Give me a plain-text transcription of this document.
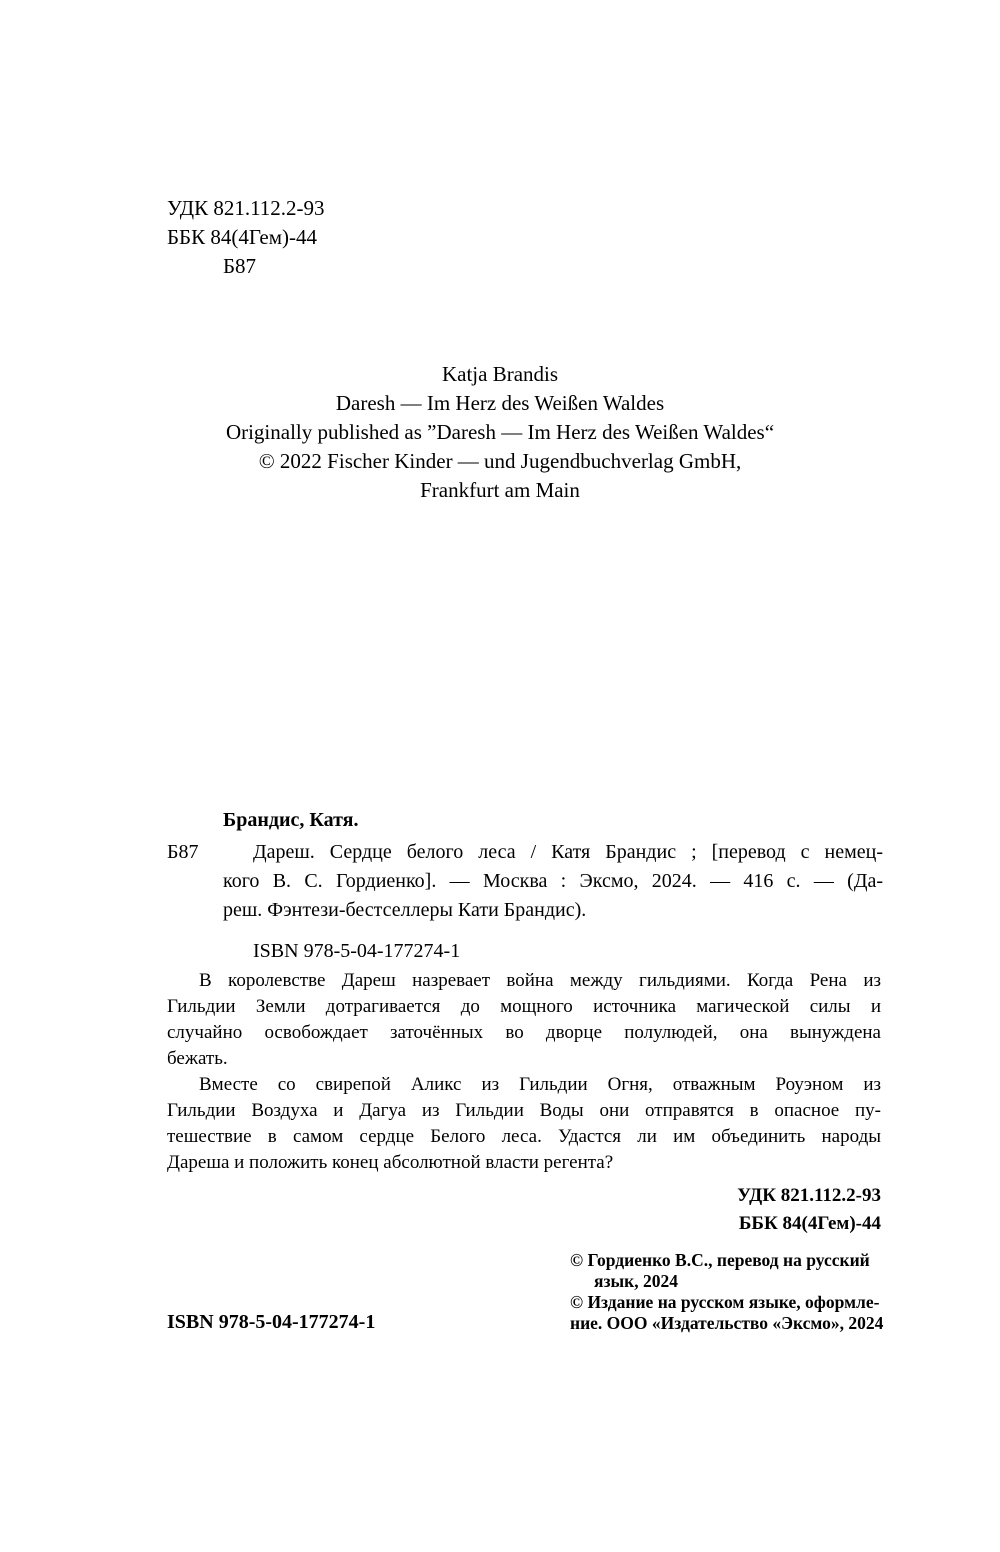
УДК 821.112.2-93
ББК 84(4Гем)-44
Б87
Katja Brandis
Daresh — Im Herz des Weißen Waldes
Originally published as ”Daresh — Im Herz des Weißen Waldes“
© 2022 Fischer Kinder — und Jugendbuchverlag GmbH,
Frankfurt am Main
Брандис, Катя.
Б87	Дареш. Сердце белого леса / Катя Брандис ; [перевод с немец-
кого В. С. Гордиенко]. — Москва : Эксмо, 2024. — 416 с. — (Да-
реш. Фэнтези-бестселлеры Кати Брандис).
ISBN 978-5-04-177274-1
В королевстве Дареш назревает война между гильдиями. Когда Рена из
Гильдии Земли дотрагивается до мощного источника магической силы и
случайно освобождает заточённых во дворце полулюдей, она вынуждена
бежать.
Вместе со свирепой Аликс из Гильдии Огня, отважным Роуэном из
Гильдии Воздуха и Дагуа из Гильдии Воды они отправятся в опасное пу-
тешествие в самом сердце Белого леса. Удастся ли им объединить народы
Дареша и положить конец абсолютной власти регента?
УДК 821.112.2-93
ББК 84(4Гем)-44
© Гордиенко В.С., перевод на русский
язык, 2024
© Издание на русском языке, оформле-
ние. ООО «Издательство «Эксмо», 2024
ISBN 978-5-04-177274-1
